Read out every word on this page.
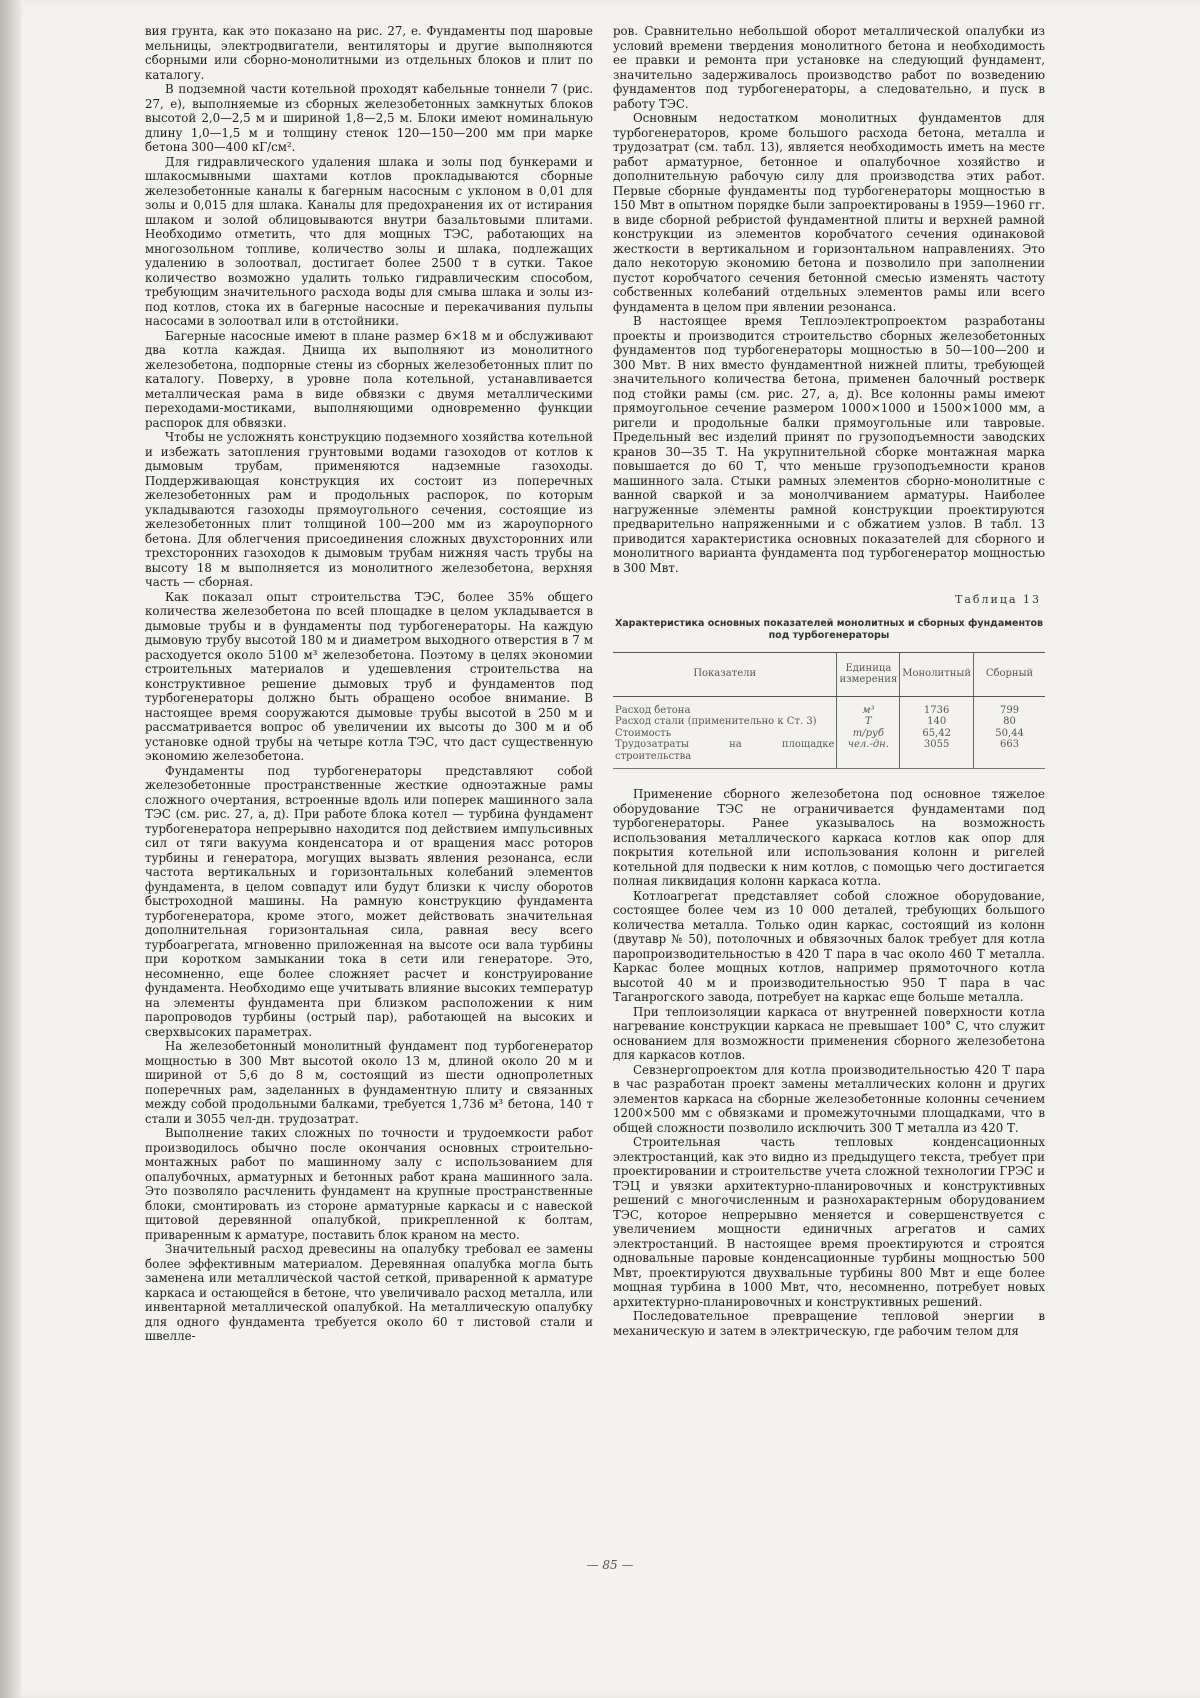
вия грунта, как это показано на рис. 27, е. Фундаменты под шаровые мельницы, электродвигатели, вентиляторы и другие выполняются сборными или сборно-монолитными из отдельных блоков и плит по каталогу.

В подземной части котельной проходят кабельные тоннели 7 (рис. 27, е), выполняемые из сборных железобетонных замкнутых блоков высотой 2,0—2,5 м и шириной 1,8—2,5 м. Блоки имеют номинальную длину 1,0—1,5 м и толщину стенок 120—150—200 мм при марке бетона 300—400 кГ/см².

Для гидравлического удаления шлака и золы под бункерами и шлакосмывными шахтами котлов прокладываются сборные железобетонные каналы к багерным насосным с уклоном в 0,01 для золы и 0,015 для шлака. Каналы для предохранения их от истирания шлаком и золой облицовываются внутри базальтовыми плитами. Необходимо отметить, что для мощных ТЭС, работающих на многозольном топливе, количество золы и шлака, подлежащих удалению в золоотвал, достигает более 2500 т в сутки. Такое количество возможно удалить только гидравлическим способом, требующим значительного расхода воды для смыва шлака и золы из-под котлов, стока их в багерные насосные и перекачивания пульпы насосами в золоотвал или в отстойники.

Багерные насосные имеют в плане размер 6×18 м и обслуживают два котла каждая. Днища их выполняют из монолитного железобетона, подпорные стены из сборных железобетонных плит по каталогу. Поверху, в уровне пола котельной, устанавливается металлическая рама в виде обвязки с двумя металлическими переходами-мостиками, выполняющими одновременно функции распорок для обвязки.

Чтобы не усложнять конструкцию подземного хозяйства котельной и избежать затопления грунтовыми водами газоходов от котлов к дымовым трубам, применяются надземные газоходы. Поддерживающая конструкция их состоит из поперечных железобетонных рам и продольных распорок, по которым укладываются газоходы прямоугольного сечения, состоящие из железобетонных плит толщиной 100—200 мм из жароупорного бетона. Для облегчения присоединения сложных двухсторонних или трехсторонних газоходов к дымовым трубам нижняя часть трубы на высоту 18 м выполняется из монолитного железобетона, верхняя часть — сборная.

Как показал опыт строительства ТЭС, более 35% общего количества железобетона по всей площадке в целом укладывается в дымовые трубы и в фундаменты под турбогенераторы. На каждую дымовую трубу высотой 180 м и диаметром выходного отверстия в 7 м расходуется около 5100 м³ железобетона. Поэтому в целях экономии строительных материалов и удешевления строительства на конструктивное решение дымовых труб и фундаментов под турбогенераторы должно быть обращено особое внимание. В настоящее время сооружаются дымовые трубы высотой в 250 м и рассматривается вопрос об увеличении их высоты до 300 м и об установке одной трубы на четыре котла ТЭС, что даст существенную экономию железобетона.

Фундаменты под турбогенераторы представляют собой железобетонные пространственные жесткие одноэтажные рамы сложного очертания, встроенные вдоль или поперек машинного зала ТЭС (см. рис. 27, а, д). При работе блока котел — турбина фундамент турбогенератора непрерывно находится под действием импульсивных сил от тяги вакуума конденсатора и от вращения масс роторов турбины и генератора, могущих вызвать явления резонанса, если частота вертикальных и горизонтальных колебаний элементов фундамента, в целом совпадут или будут близки к числу оборотов быстроходной машины. На рамную конструкцию фундамента турбогенератора, кроме этого, может действовать значительная дополнительная горизонтальная сила, равная весу всего турбоагрегата, мгновенно приложенная на высоте оси вала турбины при коротком замыкании тока в сети или генераторе. Это, несомненно, еще более сложняет расчет и конструирование фундамента. Необходимо еще учитывать влияние высоких температур на элементы фундамента при близком расположении к ним паропроводов турбины (острый пар), работающей на высоких и сверхвысоких параметрах.

На железобетонный монолитный фундамент под турбогенератор мощностью в 300 Мвт высотой около 13 м, длиной около 20 м и шириной от 5,6 до 8 м, состоящий из шести однопролетных поперечных рам, заделанных в фундаментную плиту и связанных между собой продольными балками, требуется 1,736 м³ бетона, 140 т стали и 3055 чел-дн. трудозатрат.

Выполнение таких сложных по точности и трудоемкости работ производилось обычно после окончания основных строительно-монтажных работ по машинному залу с использованием для опалубочных, арматурных и бетонных работ крана машинного зала. Это позволяло расчленить фундамент на крупные пространственные блоки, смонтировать из стороне арматурные каркасы и с навеской щитовой деревянной опалубкой, прикрепленной к болтам, приваренным к арматуре, поставить блок краном на место.

Значительный расход древесины на опалубку требовал ее замены более эффективным материалом. Деревянная опалубка могла быть заменена или металлической частой сеткой, приваренной к арматуре каркаса и остающейся в бетоне, что увеличивало расход металла, или инвентарной металлической опалубкой. На металлическую опалубку для одного фундамента требуется около 60 т листовой стали и швелле-

ров. Сравнительно небольшой оборот металлической опалубки из условий времени твердения монолитного бетона и необходимость ее правки и ремонта при установке на следующий фундамент, значительно задерживалось производство работ по возведению фундаментов под турбогенераторы, а следовательно, и пуск в работу ТЭС.

Основным недостатком монолитных фундаментов для турбогенераторов, кроме большого расхода бетона, металла и трудозатрат (см. табл. 13), является необходимость иметь на месте работ арматурное, бетонное и опалубочное хозяйство и дополнительную рабочую силу для производства этих работ. Первые сборные фундаменты под турбогенераторы мощностью в 150 Мвт в опытном порядке были запроектированы в 1959—1960 гг. в виде сборной ребристой фундаментной плиты и верхней рамной конструкции из элементов коробчатого сечения одинаковой жесткости в вертикальном и горизонтальном направлениях. Это дало некоторую экономию бетона и позволило при заполнении пустот коробчатого сечения бетонной смесью изменять частоту собственных колебаний отдельных элементов рамы или всего фундамента в целом при явлении резонанса.

В настоящее время Теплоэлектропроектом разработаны проекты и производится строительство сборных железобетонных фундаментов под турбогенераторы мощностью в 50—100—200 и 300 Мвт. В них вместо фундаментной нижней плиты, требующей значительного количества бетона, применен балочный ростверк под стойки рамы (см. рис. 27, а, д). Все колонны рамы имеют прямоугольное сечение размером 1000×1000 и 1500×1000 мм, а ригели и продольные балки прямоугольные или тавровые. Предельный вес изделий принят по грузоподъемности заводских кранов 30—35 Т. На укрупнительной сборке монтажная марка повышается до 60 Т, что меньше грузоподъемности кранов машинного зала. Стыки рамных элементов сборно-монолитные с ванной сваркой и за монолчиванием арматуры. Наиболее нагруженные элементы рамной конструкции проектируются предварительно напряженными и с обжатием узлов. В табл. 13 приводится характеристика основных показателей для сборного и монолитного варианта фундамента под турбогенератор мощностью в 300 Мвт.

Таблица 13
Характеристика основных показателей монолитных и сборных фундаментов под турбогенераторы
Показатели	Единица измерения	Монолитный	Сборный
Расход бетона	м³	1736	799
Расход стали (применительно к Ст. 3)	Т	140	80
Стоимость	т/руб	65,42	50,44
Трудозатраты на площадке строительства	чел.-дн.	3055	663

Применение сборного железобетона под основное тяжелое оборудование ТЭС не ограничивается фундаментами под турбогенераторы. Ранее указывалось на возможность использования металлического каркаса котлов как опор для покрытия котельной или использования колонн и ригелей котельной для подвески к ним котлов, с помощью чего достигается полная ликвидация колонн каркаса котла.

Котлоагрегат представляет собой сложное оборудование, состоящее более чем из 10 000 деталей, требующих большого количества металла. Только один каркас, состоящий из колонн (двутавр № 50), потолочных и обвязочных балок требует для котла паропроизводительностью в 420 Т пара в час около 460 Т металла. Каркас более мощных котлов, например прямоточного котла высотой 40 м и производительностью 950 Т пара в час Таганрогского завода, потребует на каркас еще больше металла.

При теплоизоляции каркаса от внутренней поверхности котла нагревание конструкции каркаса не превышает 100° С, что служит основанием для возможности применения сборного железобетона для каркасов котлов.

Севзнергопроектом для котла производительностью 420 Т пара в час разработан проект замены металлических колонн и других элементов каркаса на сборные железобетонные колонны сечением 1200×500 мм с обвязками и промежуточными площадками, что в общей сложности позволило исключить 300 Т металла из 420 Т.

Строительная часть тепловых конденсационных электростанций, как это видно из предыдущего текста, требует при проектировании и строительстве учета сложной технологии ГРЭС и ТЭЦ и увязки архитектурно-планировочных и конструктивных решений с многочисленным и разнохарактерным оборудованием ТЭС, которое непрерывно меняется и совершенствуется с увеличением мощности единичных агрегатов и самих электростанций. В настоящее время проектируются и строятся одновальные паровые конденсационные турбины мощностью 500 Мвт, проектируются двухвальные турбины 800 Мвт и еще более мощная турбина в 1000 Мвт, что, несомненно, потребует новых архитектурно-планировочных и конструктивных решений.

Последовательное превращение тепловой энергии в механическую и затем в электрическую, где рабочим телом для

— 85 —
